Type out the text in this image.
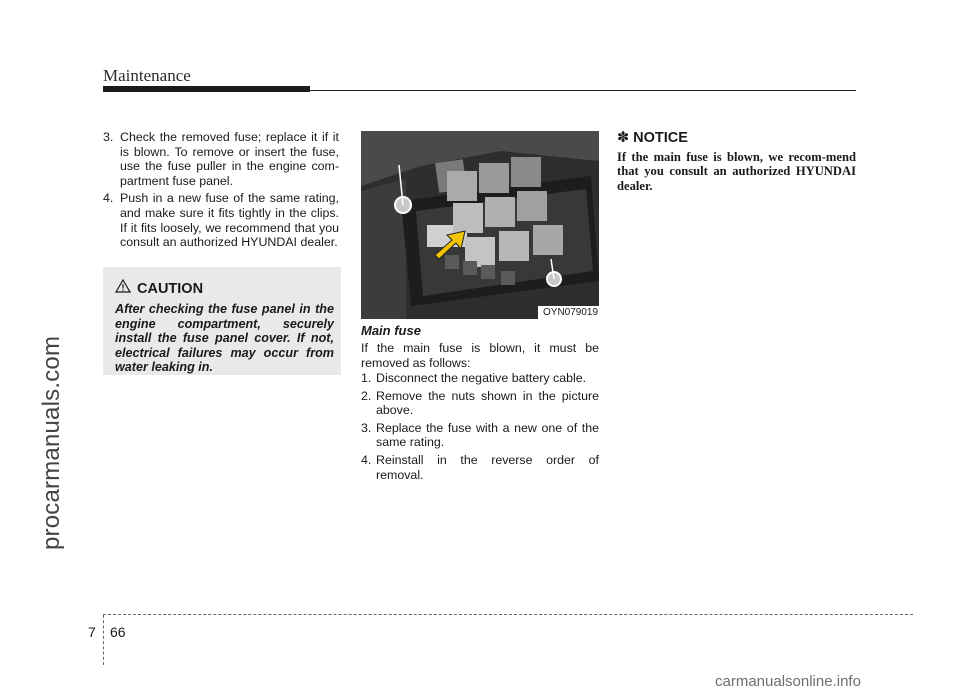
Maintenance
procarmanuals.com
carmanualsonline.info
3. Check the removed fuse; replace it if it is blown. To remove or insert the fuse, use the fuse puller in the engine com-partment fuse panel.
4. Push in a new fuse of the same rating, and make sure it fits tightly in the clips. If it fits loosely, we recommend that you consult an authorized HYUNDAI dealer.
CAUTION
After checking the fuse panel in the engine compartment, securely install the fuse panel cover. If not, electrical failures may occur from water leaking in.
OYN079019
Main fuse
If the main fuse is blown, it must be removed as follows:
1. Disconnect the negative battery cable.
2. Remove the nuts shown in the picture above.
3. Replace the fuse with a new one of the same rating.
4. Reinstall in the reverse order of removal.
✽ NOTICE
If the main fuse is blown, we recom-mend that you consult an authorized HYUNDAI dealer.
7 66
